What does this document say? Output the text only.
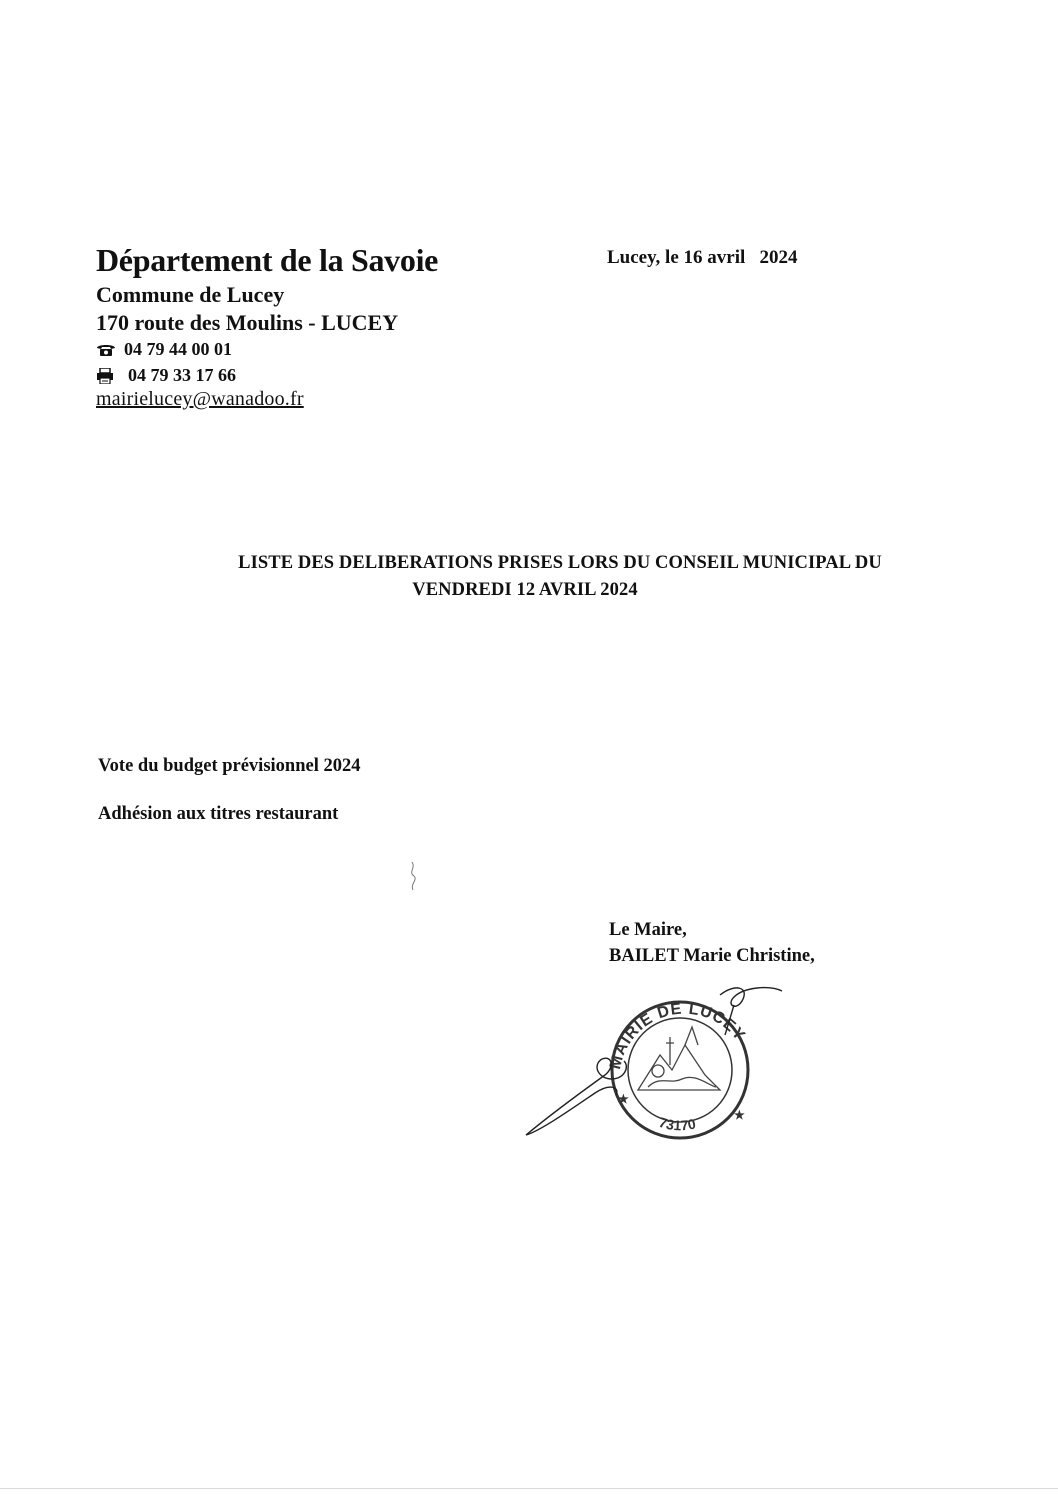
Département de la Savoie
Commune de Lucey
170 route des Moulins - LUCEY
04 79 44 00 01
04 79 33 17 66
mairielucey@wanadoo.fr
Lucey, le 16 avril   2024
LISTE DES DELIBERATIONS PRISES LORS DU CONSEIL MUNICIPAL DU
VENDREDI 12 AVRIL 2024
Vote du budget prévisionnel 2024
Adhésion aux titres restaurant
Le Maire,
BAILET Marie Christine,
MAIRIE DE LUCEY
73170
★
★
